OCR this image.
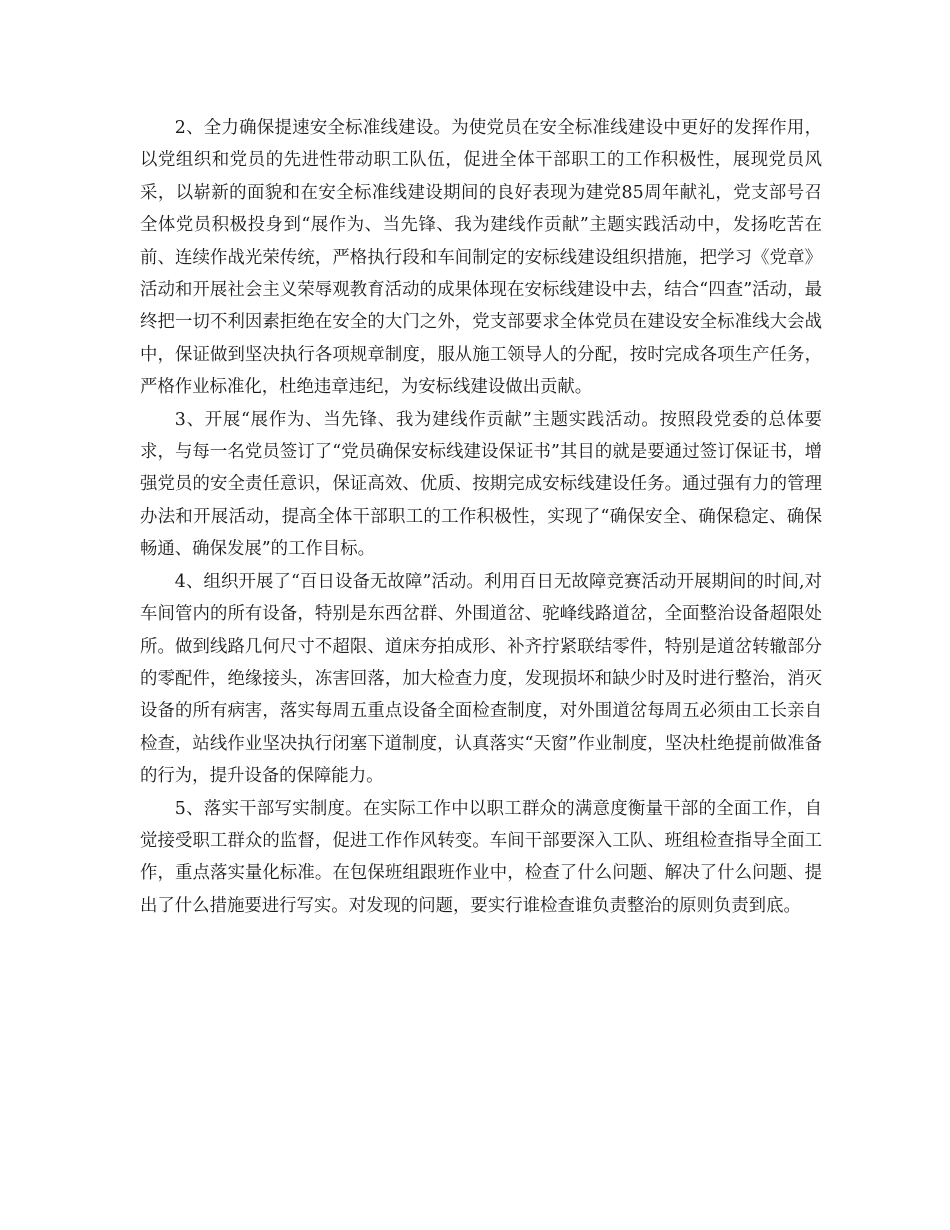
2、全力确保提速安全标准线建设。为使党员在安全标准线建设中更好的发挥作用，以党组织和党员的先进性带动职工队伍，促进全体干部职工的工作积极性，展现党员风采，以崭新的面貌和在安全标准线建设期间的良好表现为建党85周年献礼，党支部号召全体党员积极投身到“展作为、当先锋、我为建线作贡献”主题实践活动中，发扬吃苦在前、连续作战光荣传统，严格执行段和车间制定的安标线建设组织措施，把学习《党章》活动和开展社会主义荣辱观教育活动的成果体现在安标线建设中去，结合“四查”活动，最终把一切不利因素拒绝在安全的大门之外，党支部要求全体党员在建设安全标准线大会战中，保证做到坚决执行各项规章制度，服从施工领导人的分配，按时完成各项生产任务，严格作业标准化，杜绝违章违纪，为安标线建设做出贡献。

3、开展“展作为、当先锋、我为建线作贡献”主题实践活动。按照段党委的总体要求，与每一名党员签订了“党员确保安标线建设保证书”其目的就是要通过签订保证书，增强党员的安全责任意识，保证高效、优质、按期完成安标线建设任务。通过强有力的管理办法和开展活动，提高全体干部职工的工作积极性，实现了“确保安全、确保稳定、确保畅通、确保发展”的工作目标。

4、组织开展了“百日设备无故障”活动。利用百日无故障竞赛活动开展期间的时间,对车间管内的所有设备，特别是东西岔群、外围道岔、驼峰线路道岔，全面整治设备超限处所。做到线路几何尺寸不超限、道床夯拍成形、补齐拧紧联结零件，特别是道岔转辙部分的零配件，绝缘接头，冻害回落，加大检查力度，发现损坏和缺少时及时进行整治，消灭设备的所有病害，落实每周五重点设备全面检查制度，对外围道岔每周五必须由工长亲自检查，站线作业坚决执行闭塞下道制度，认真落实“天窗”作业制度，坚决杜绝提前做准备的行为，提升设备的保障能力。

5、落实干部写实制度。在实际工作中以职工群众的满意度衡量干部的全面工作，自觉接受职工群众的监督，促进工作作风转变。车间干部要深入工队、班组检查指导全面工作，重点落实量化标准。在包保班组跟班作业中，检查了什么问题、解决了什么问题、提出了什么措施要进行写实。对发现的问题，要实行谁检查谁负责整治的原则负责到底。
